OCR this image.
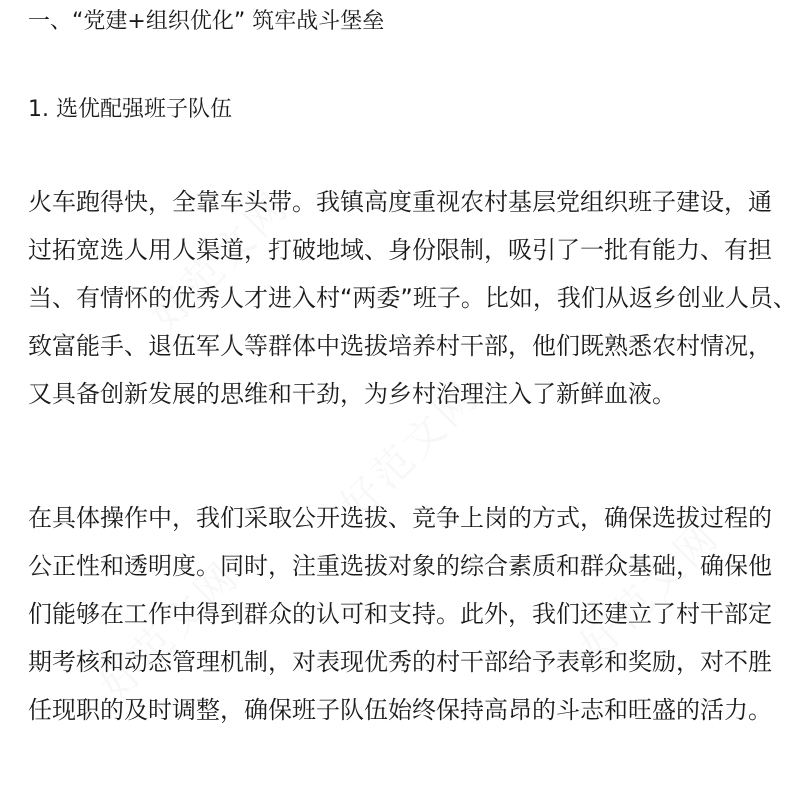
好范文网
好范文网
好范文网	好范文网
一、“党建+组织优化” 筑牢战斗堡垒
1. 选优配强班子队伍
火车跑得快，全靠车头带。我镇高度重视农村基层党组织班子建设，通
过拓宽选人用人渠道，打破地域、身份限制，吸引了一批有能力、有担
当、有情怀的优秀人才进入村“两委”班子。比如，我们从返乡创业人员、
致富能手、退伍军人等群体中选拔培养村干部，他们既熟悉农村情况，
又具备创新发展的思维和干劲，为乡村治理注入了新鲜血液。
在具体操作中，我们采取公开选拔、竞争上岗的方式，确保选拔过程的
公正性和透明度。同时，注重选拔对象的综合素质和群众基础，确保他
们能够在工作中得到群众的认可和支持。此外，我们还建立了村干部定
期考核和动态管理机制，对表现优秀的村干部给予表彰和奖励，对不胜
任现职的及时调整，确保班子队伍始终保持高昂的斗志和旺盛的活力。
